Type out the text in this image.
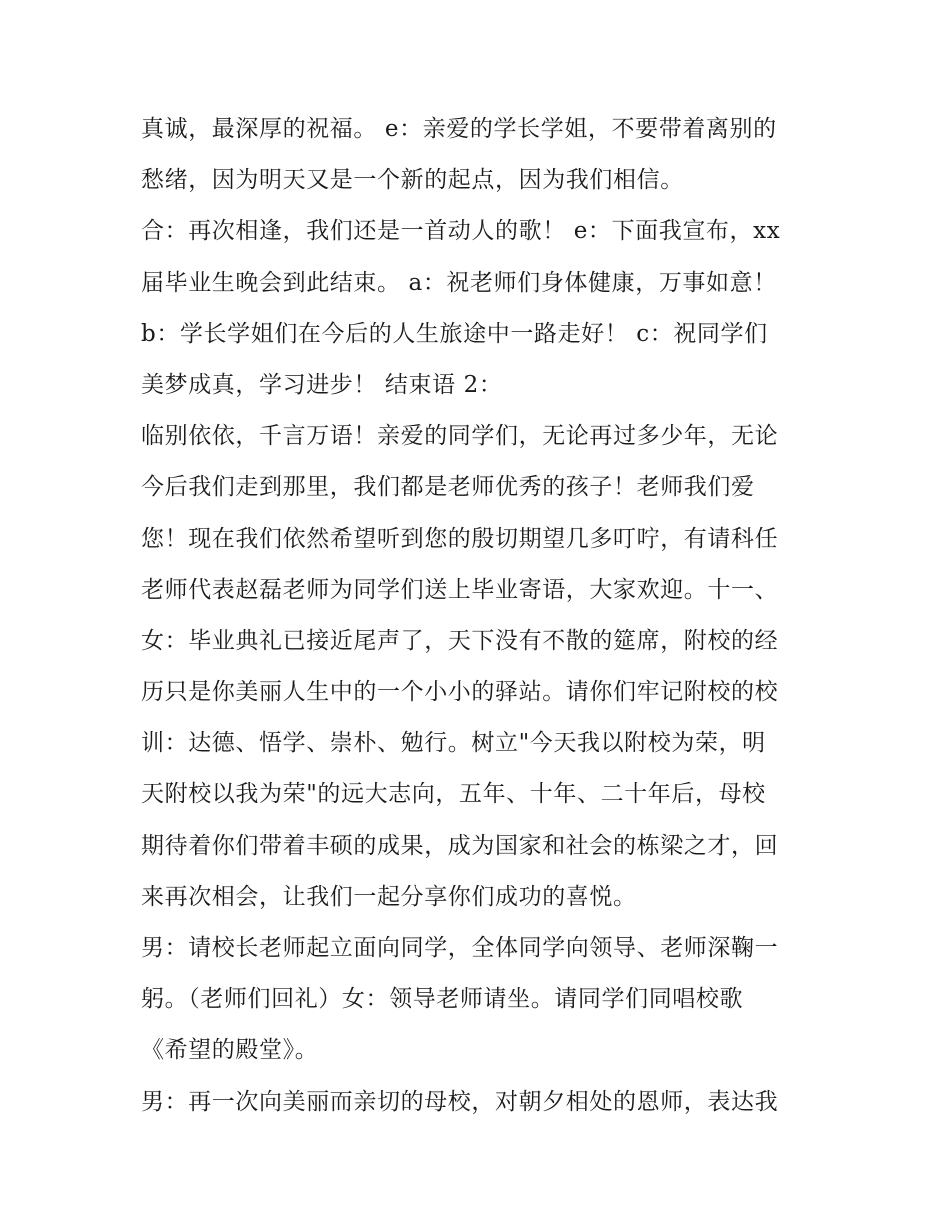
真诚，最深厚的祝福。 e：亲爱的学长学姐，不要带着离别的
愁绪，因为明天又是一个新的起点，因为我们相信。
合：再次相逢，我们还是一首动人的歌！ e：下面我宣布，xx
届毕业生晚会到此结束。 a：祝老师们身体健康，万事如意！
b：学长学姐们在今后的人生旅途中一路走好！ c：祝同学们
美梦成真，学习进步！ 结束语 2：
临别依依，千言万语！亲爱的同学们，无论再过多少年，无论
今后我们走到那里，我们都是老师优秀的孩子！老师我们爱
您！现在我们依然希望听到您的殷切期望几多叮咛，有请科任
老师代表赵磊老师为同学们送上毕业寄语，大家欢迎。十一、
女：毕业典礼已接近尾声了，天下没有不散的筵席，附校的经
历只是你美丽人生中的一个小小的驿站。请你们牢记附校的校
训：达德、悟学、崇朴、勉行。树立"今天我以附校为荣，明
天附校以我为荣"的远大志向，五年、十年、二十年后，母校
期待着你们带着丰硕的成果，成为国家和社会的栋梁之才，回
来再次相会，让我们一起分享你们成功的喜悦。
男：请校长老师起立面向同学，全体同学向领导、老师深鞠一
躬。（老师们回礼）女：领导老师请坐。请同学们同唱校歌
《希望的殿堂》。
男：再一次向美丽而亲切的母校，对朝夕相处的恩师，表达我
